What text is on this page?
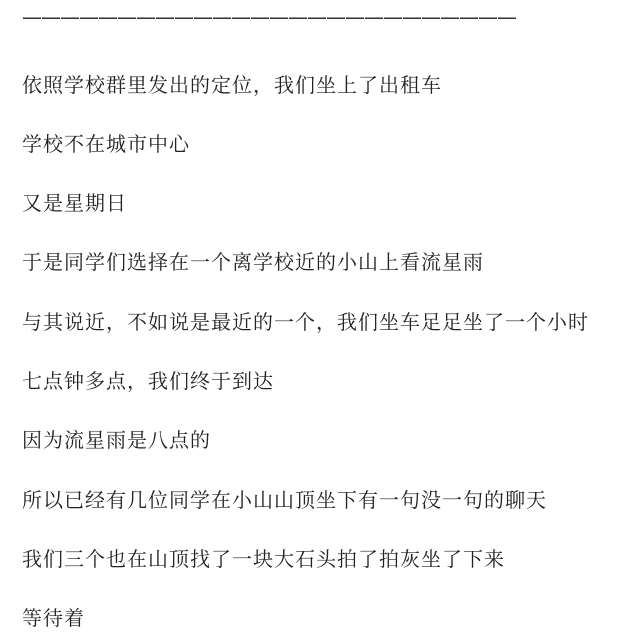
——————————————————————————
依照学校群里发出的定位，我们坐上了出租车
学校不在城市中心
又是星期日
于是同学们选择在一个离学校近的小山上看流星雨
与其说近，不如说是最近的一个，我们坐车足足坐了一个小时
七点钟多点，我们终于到达
因为流星雨是八点的
所以已经有几位同学在小山山顶坐下有一句没一句的聊天
我们三个也在山顶找了一块大石头拍了拍灰坐了下来
等待着
